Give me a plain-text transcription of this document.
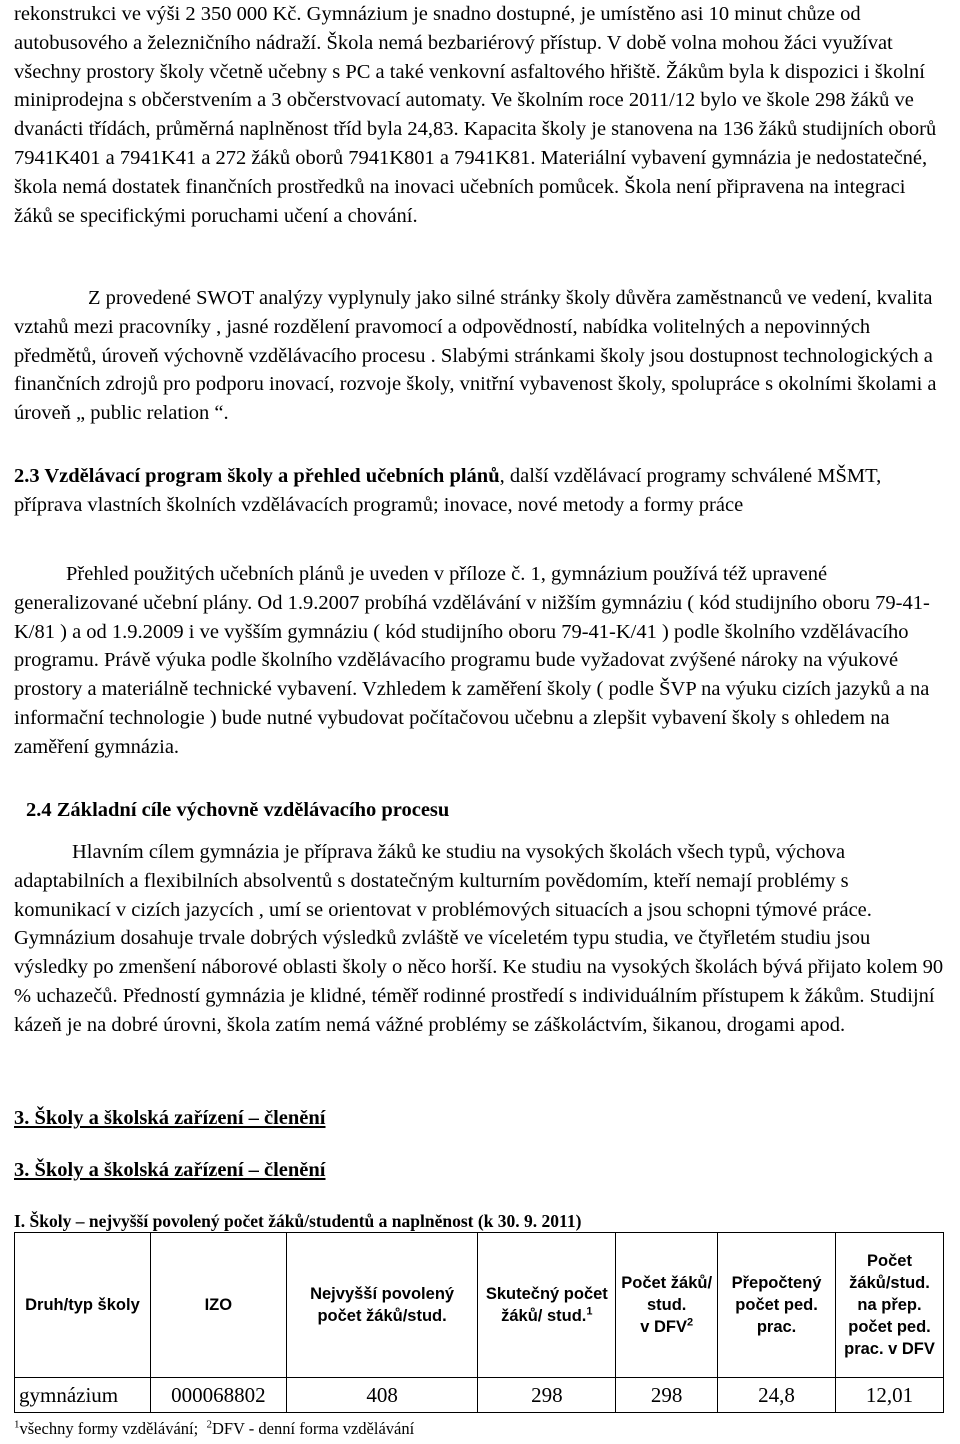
rekonstrukci ve výši 2 350 000 Kč. Gymnázium je snadno dostupné, je umístěno asi 10 minut chůze od autobusového a železničního nádraží. Škola nemá bezbariérový přístup. V době volna mohou žáci využívat všechny prostory školy včetně učebny s PC a také venkovní asfaltového hřiště. Žákům byla k dispozici i školní miniprodejna s občerstvením a 3 občerstvovací automaty. Ve školním roce 2011/12 bylo ve škole 298 žáků ve dvanácti třídách, průměrná naplněnost tříd byla 24,83. Kapacita školy je stanovena na 136 žáků studijních oborů 7941K401 a 7941K41 a 272 žáků oborů 7941K801 a 7941K81. Materiální vybavení gymnázia je nedostatečné, škola nemá dostatek finančních prostředků na inovaci učebních pomůcek. Škola není připravena na integraci žáků se specifickými poruchami učení a chování.

Z provedené SWOT analýzy vyplynuly jako silné stránky školy důvěra zaměstnanců ve vedení, kvalita vztahů mezi pracovníky , jasné rozdělení pravomocí a odpovědností, nabídka volitelných a nepovinných předmětů, úroveň výchovně vzdělávacího procesu . Slabými stránkami školy jsou dostupnost technologických a finančních zdrojů pro podporu inovací, rozvoje školy, vnitřní vybavenost školy, spolupráce s okolními školami a úroveň „ public relation “.

2.3 Vzdělávací program školy a přehled učebních plánů, další vzdělávací programy schválené MŠMT, příprava vlastních školních vzdělávacích programů; inovace, nové metody a formy práce

Přehled použitých učebních plánů je uveden v příloze č. 1, gymnázium používá též upravené generalizované učební plány. Od 1.9.2007 probíhá vzdělávání v nižším gymnáziu ( kód studijního oboru 79-41-K/81 ) a od 1.9.2009 i ve vyšším gymnáziu ( kód studijního oboru 79-41-K/41 ) podle školního vzdělávacího programu. Právě výuka podle školního vzdělávacího programu bude vyžadovat zvýšené nároky na výukové prostory a materiálně technické vybavení. Vzhledem k zaměření školy ( podle ŠVP na výuku cizích jazyků a na informační technologie ) bude nutné vybudovat počítačovou učebnu a zlepšit vybavení školy s ohledem na zaměření gymnázia.

2.4 Základní cíle výchovně vzdělávacího procesu

Hlavním cílem gymnázia je příprava žáků ke studiu na vysokých školách všech typů, výchova adaptabilních a flexibilních absolventů s dostatečným kulturním povědomím, kteří nemají problémy s komunikací v cizích jazycích , umí se orientovat v problémových situacích a jsou schopni týmové práce. Gymnázium dosahuje trvale dobrých výsledků zvláště ve víceletém typu studia, ve čtyřletém studiu jsou výsledky po zmenšení náborové oblasti školy o něco horší. Ke studiu na vysokých školách bývá přijato kolem 90 % uchazečů. Předností gymnázia je klidné, téměř rodinné prostředí s individuálním přístupem k žákům. Studijní kázeň je na dobré úrovni, škola zatím nemá vážné problémy se záškoláctvím, šikanou, drogami apod.

3. Školy a školská zařízení – členění
3. Školy a školská zařízení – členění
I. Školy – nejvyšší povolený počet žáků/studentů a naplněnost (k 30. 9. 2011)
Druh/typ školy	IZO	Nejvyšší povolený počet žáků/stud.	Skutečný počet žáků/ stud.$^1$	Počet žáků/ stud.
v DFV$^2$	Přepočtený počet ped. prac.	Počet žáků/stud. na přep. počet ped. prac. v DFV
gymnázium	000068802	408	298	298	24,8	12,01
$^1$všechny formy vzdělávání; $^2$DFV - denní forma vzdělávání
